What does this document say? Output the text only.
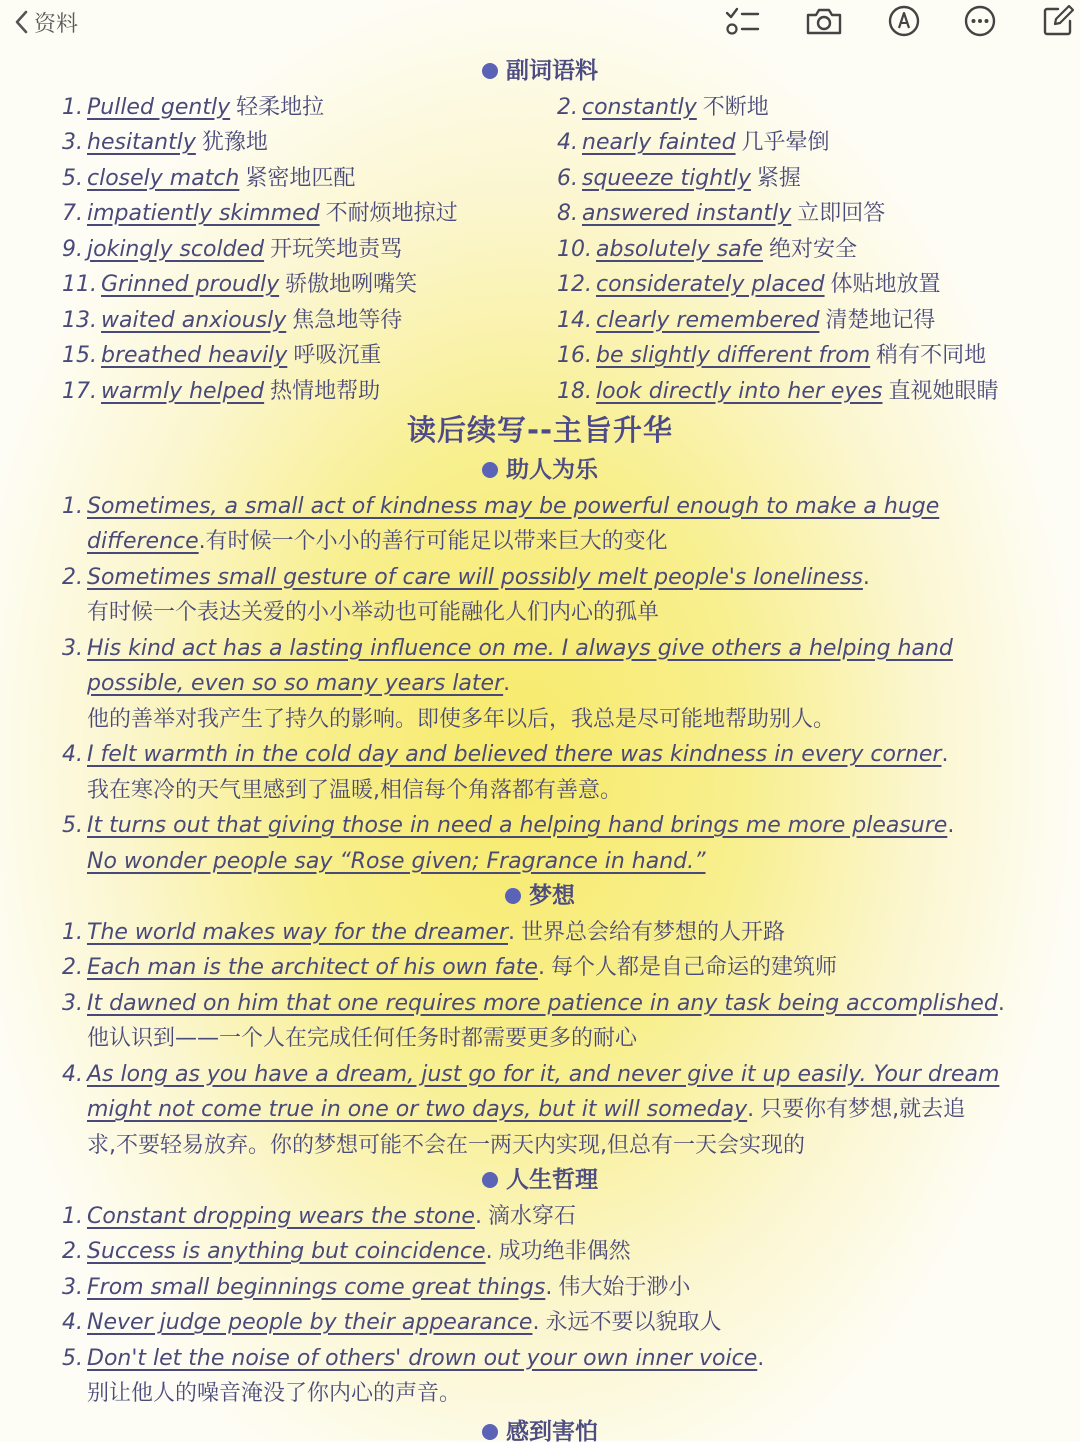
资料
副词语料
1. Pulled gently 轻柔地拉	2. constantly 不断地
3. hesitantly 犹豫地	4. nearly fainted 几乎晕倒
5. closely match 紧密地匹配	6. squeeze tightly 紧握
7. impatiently skimmed 不耐烦地掠过	8. answered instantly 立即回答
9. jokingly scolded 开玩笑地责骂	10. absolutely safe 绝对安全
11. Grinned proudly 骄傲地咧嘴笑	12. considerately placed 体贴地放置
13. waited anxiously 焦急地等待	14. clearly remembered 清楚地记得
15. breathed heavily 呼吸沉重	16. be slightly different from 稍有不同地
17. warmly helped 热情地帮助	18. look directly into her eyes 直视她眼睛
读后续写--主旨升华
助人为乐
1. Sometimes, a small act of kindness may be powerful enough to make a huge
difference.有时候一个小小的善行可能足以带来巨大的变化
2. Sometimes small gesture of care will possibly melt people's loneliness.
有时候一个表达关爱的小小举动也可能融化人们内心的孤单
3. His kind act has a lasting influence on me. I always give others a helping hand
possible, even so so many years later.
他的善举对我产生了持久的影响。即使多年以后，我总是尽可能地帮助别人。
4. I felt warmth in the cold day and believed there was kindness in every corner.
我在寒冷的天气里感到了温暖,相信每个角落都有善意。
5. It turns out that giving those in need a helping hand brings me more pleasure.
No wonder people say “Rose given; Fragrance in hand.”
梦想
1. The world makes way for the dreamer. 世界总会给有梦想的人开路
2. Each man is the architect of his own fate. 每个人都是自己命运的建筑师
3. It dawned on him that one requires more patience in any task being accomplished.
他认识到——一个人在完成任何任务时都需要更多的耐心
4. As long as you have a dream, just go for it, and never give it up easily. Your dream
might not come true in one or two days, but it will someday. 只要你有梦想,就去追
求,不要轻易放弃。你的梦想可能不会在一两天内实现,但总有一天会实现的
人生哲理
1. Constant dropping wears the stone. 滴水穿石
2. Success is anything but coincidence. 成功绝非偶然
3. From small beginnings come great things. 伟大始于渺小
4. Never judge people by their appearance. 永远不要以貌取人
5. Don't let the noise of others' drown out your own inner voice.
别让他人的噪音淹没了你内心的声音。
感到害怕
